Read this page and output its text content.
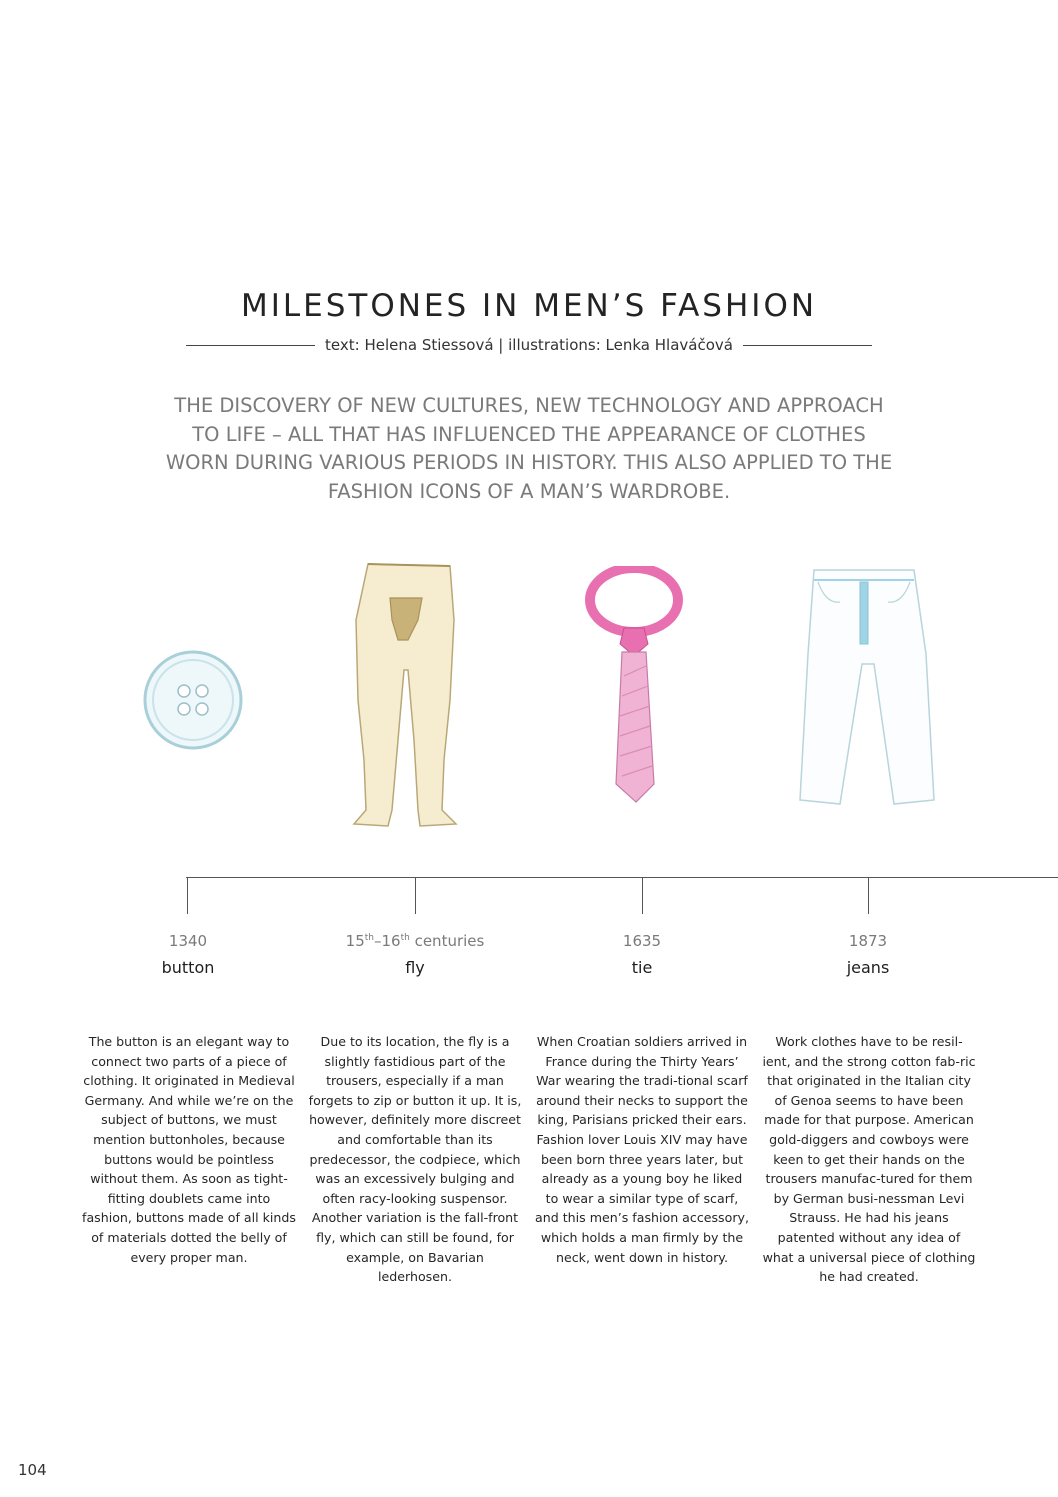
MILESTONES IN MEN’S FASHION
text: Helena Stiessová | illustrations: Lenka Hlaváčová

THE DISCOVERY OF NEW CULTURES, NEW TECHNOLOGY AND APPROACH TO LIFE – ALL THAT HAS INFLUENCED THE APPEARANCE OF CLOTHES WORN DURING VARIOUS PERIODS IN HISTORY. THIS ALSO APPLIED TO THE FASHION ICONS OF A MAN’S WARDROBE.

1340
button

The button is an elegant way to connect two parts of a piece of clothing. It originated in Medieval Germany. And while we’re on the subject of buttons, we must mention buttonholes, because buttons would be pointless without them. As soon as tight-fitting doublets came into fashion, buttons made of all kinds of materials dotted the belly of every proper man.

15th–16th centuries
fly

Due to its location, the fly is a slightly fastidious part of the trousers, especially if a man forgets to zip or button it up. It is, however, definitely more discreet and comfortable than its predecessor, the codpiece, which was an excessively bulging and often racy-looking suspensor. Another variation is the fall-front fly, which can still be found, for example, on Bavarian lederhosen.

1635
tie

When Croatian soldiers arrived in France during the Thirty Years’ War wearing the tradi-tional scarf around their necks to support the king, Parisians pricked their ears. Fashion lover Louis XIV may have been born three years later, but already as a young boy he liked to wear a similar type of scarf, and this men’s fashion accessory, which holds a man firmly by the neck, went down in history.

1873
jeans

Work clothes have to be resil-ient, and the strong cotton fab-ric that originated in the Italian city of Genoa seems to have been made for that purpose. American gold-diggers and cowboys were keen to get their hands on the trousers manufac-tured for them by German busi-nessman Levi Strauss. He had his jeans patented without any idea of what a universal piece of clothing he had created.

104
